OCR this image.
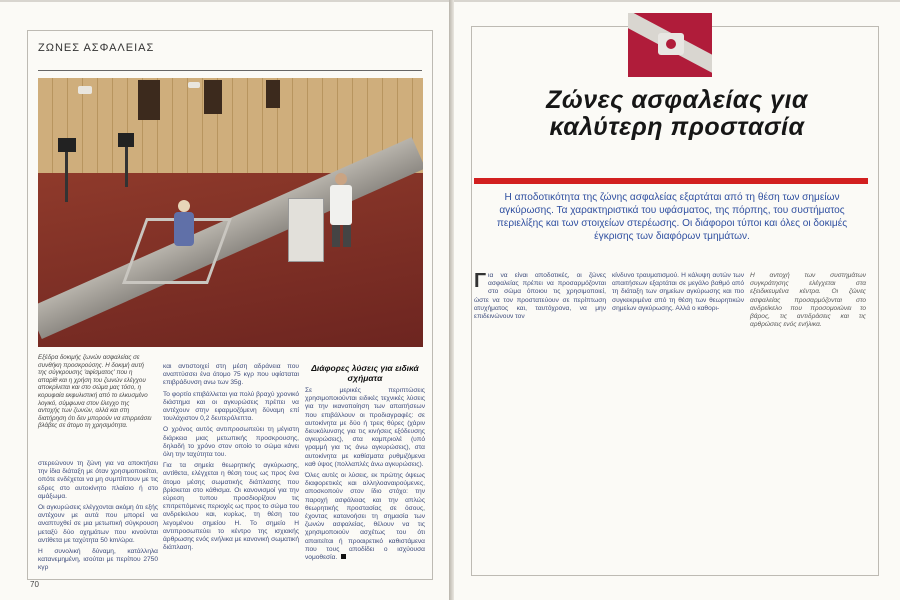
ΖΩΝΕΣ ΑΣΦΑΛΕΙΑΣ
Εξέδρα δοκιμής ζωνών ασφαλείας σε συνθήκη προσκρούσης. Η δοκιμή αυτή της σύγκρουσης 'αφίσματος' που η απαρίθ και η χρήση του ζωνών ελέγχου αποκρίνεται και στο σώμα μας τόσο, η κορυφαία εκφυλιστική από το ελκυσμένο λογικό, σύμφωνα στον έλεγχο της αντοχής των ζωνών, αλλά και στη διατήρηση ότι δεν μπορούν να επιρρεάσει βλάβες σε άτομο τη χρησιμότητα.

στερεώνουν τη ζώνη για να αποκτήσει την ίδια διάταξη με όταν χρησιμοποιείται, οπότε ενδέχεται να μη συμπίπτουν με τις εδρες στο αυτοκίνητο πλαίσιο ή στο αμάξωμα.

Οι αγκυρώσεις ελέγχονται ακόμη ότι εξής αντέχουν με αυτά που μπορεί να αναπτυχθεί σε μια μετωπική σύγκρουση μεταξύ δύο οχημάτων που κινούνται αντίθετα με ταχύτητα 50 km/ώρα.

Η συνολική δύναμη, κατάλληλα κατανεμημένη, ισούται με περίπου 2750 κγρ

και αντιστοιχεί στη μέση αδράνεια που αναπτύσσει ένα άτομο 75 κγρ που υφίσταται επιβράδυνση ανω των 35g.

Το φορτίο επιβάλλεται για πολύ βραχύ χρονικό διάστημα και οι αγκυρώσεις πρέπει να αντέχουν στην εφαρμοζόμενη δύναμη επί τουλάχιστον 0,2 δευτερόλεπτα.

Ο χρόνος αυτός αντιπροσωπεύει τη μέγιστη διάρκεια μιας μετωπικής προσκρουσης, δηλαδή το χρόνο στον οποίο το σώμα κάνει όλη την ταχύτητα του.

Για τα σημεία θεωρητικής αγκύρωσης, αντίθετα, ελέγχεται η θέση τους ως προς ένα άτομο μέσης σωματικής διάπλασης που βρίσκεται στο κάθισμα. Οι κανονισμοί για την εύρεση τυπου προσδιορίζουν τις επιτρεπόμενες περιοχές ως προς το σώμα του ανδρείκελου και, κυρίως, τη θέση του λεγομένου σημείου H. Το σημείο H αντιπροσωπεύει το κέντρο της ισχιακής άρθρωσης ενός ενήλικα με κανονική σωματική διάπλαση.

Διάφορες λύσεις για ειδικά σχήματα

Σε μερικές περιπτώσεις χρησιμοποιούνται ειδικές τεχνικές λύσεις για την ικανοποίηση των απαιτήσεων που επιβάλλουν οι προδιαγραφές: σε αυτοκίνητα με δύο ή τρεις θύρες (χάριν διευκόλυνσης για τις κινήσεις εξόδευσης αγκυρώσεις), στα καμπριολέ (υπό γραμμή για τις άνω αγκυρώσεις), στα αυτοκίνητα με καθίσματα ρυθμιζόμενα καθ ύψος (πολλαπλές άνω αγκυρώσεις).

Όλες αυτές οι λύσεις, εκ πρώτης όψεως διαφορετικές και αλληλοαναιρούμενες, αποσκοπούν στον ίδιο στόχο: την παροχή ασφάλειας και την απλώς θεωρητικής προστασίας σε όσους, έχοντας κατανοήσει τη σημασία των ζωνών ασφαλείας, θέλουν να τις χρησιμοποιούν ασχέτως του ότι απαιτείται ή προαιρετικό καθιστάμενα που τους αποδίδει ο ισχύουσα νομοθεσία.

70
Ζώνες ασφαλείας για
καλύτερη προστασία
Η αποδοτικότητα της ζώνης ασφαλείας εξαρτάται από τη θέση των σημείων αγκύρωσης. Τα χαρακτηριστικά του υφάσματος, της πόρπης, του συστήματος περιελίξης και των στοιχείων στερέωσης. Οι διάφοροι τύποι και όλες οι δοκιμές έγκρισης των διαφόρων τμημάτων.
Για να είναι αποδοτικές, οι ζώνες ασφαλείας πρέπει να προσαρμόζονται στο σώμα όποιου τις χρησιμοποιεί, ώστε να τον προστατεύουν σε περίπτωση ατυχήματος και, ταυτόχρονα, να μην επιδεινώνουν τον
κίνδυνο τραυματισμού. Η κάλυψη αυτών των απαιτήσεων εξαρτάται σε μεγάλο βαθμό από τη διάταξη των σημείων αγκύρωσης και πιο συγκεκριμένα από τη θέση των θεωρητικών σημείων αγκύρωσης. Αλλά ο καθορι-
Η αντοχή των συστημάτων συγκράτησης ελέγχεται στα εξειδικευμένα κέντρα. Οι ζώνες ασφαλείας προσαρμόζονται στο ανδρείκελο που προσομοιώνει το βάρος, τις αντιδράσεις και τις αρθρώσεις ενός ενήλικα.
